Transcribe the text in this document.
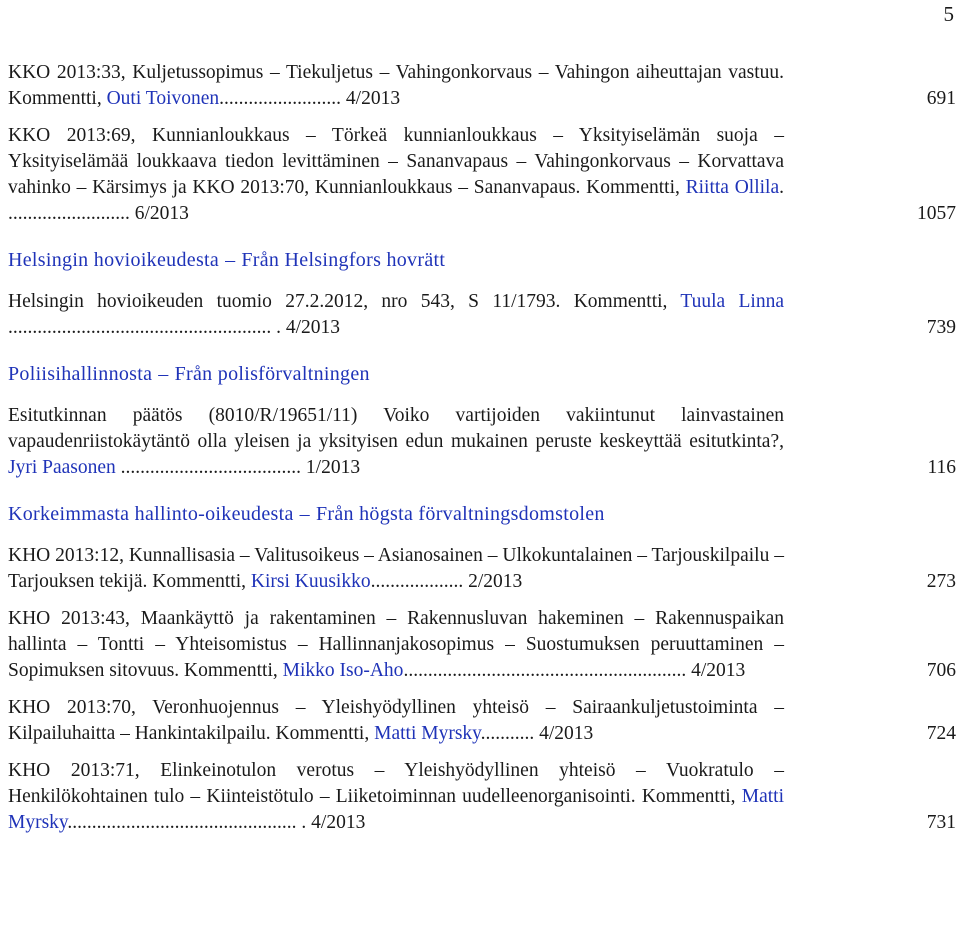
5
KKO 2013:33, Kuljetussopimus – Tiekuljetus – Vahingonkorvaus – Vahingon aiheuttajan vastuu. Kommentti, Outi Toivonen......................... 4/2013	691
KKO 2013:69, Kunnianloukkaus – Törkeä kunnianloukkaus – Yksityiselämän suoja – Yksityiselämää loukkaava tiedon levittäminen – Sananvapaus – Vahingonkorvaus – Korvattava vahinko – Kärsimys ja KKO 2013:70, Kunnianloukkaus – Sananvapaus. Kommentti, Riitta Ollila. ......................... 6/2013	1057
Helsingin hovioikeudesta – Från Helsingfors hovrätt
Helsingin hovioikeuden tuomio 27.2.2012, nro 543, S 11/1793. Kommentti, Tuula Linna ...................................................... . 4/2013	739
Poliisihallinnosta – Från polisförvaltningen
Esitutkinnan päätös (8010/R/19651/11) Voiko vartijoiden vakiintunut lainvastainen vapaudenriistokäytäntö olla yleisen ja yksityisen edun mukainen peruste keskeyttää esitutkinta?, Jyri Paasonen ..................................... 1/2013	116
Korkeimmasta hallinto-oikeudesta – Från högsta förvaltningsdomstolen
KHO 2013:12, Kunnallisasia – Valitusoikeus – Asianosainen – Ulkokuntalainen – Tarjouskilpailu – Tarjouksen tekijä. Kommentti, Kirsi Kuusikko................... 2/2013	273
KHO 2013:43, Maankäyttö ja rakentaminen – Rakennusluvan hakeminen – Rakennuspaikan hallinta – Tontti – Yhteisomistus – Hallinnanjakosopimus – Suostumuksen peruuttaminen – Sopimuksen sitovuus. Kommentti, Mikko Iso-Aho.......................................................... 4/2013	706
KHO 2013:70, Veronhuojennus – Yleishyödyllinen yhteisö – Sairaankuljetustoiminta – Kilpailuhaitta – Hankintakilpailu. Kommentti, Matti Myrsky........... 4/2013	724
KHO 2013:71, Elinkeinotulon verotus – Yleishyödyllinen yhteisö – Vuokratulo – Henkilökohtainen tulo – Kiinteistötulo – Liiketoiminnan uudelleenorganisointi. Kommentti, Matti Myrsky............................................... . 4/2013	731
